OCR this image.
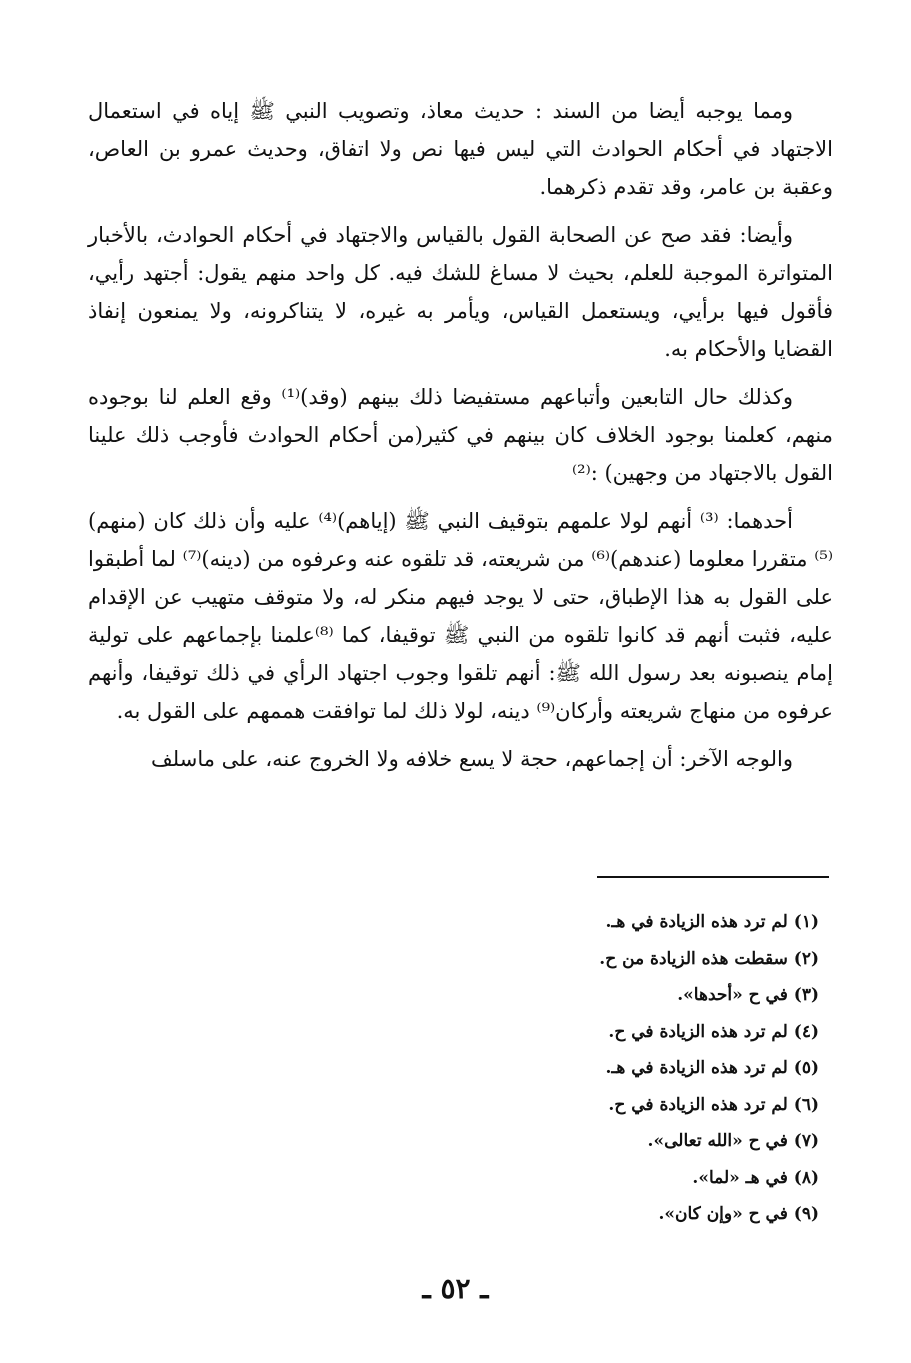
ومما يوجبه أيضا من السند : حديث معاذ، وتصويب النبي ﷺ إياه في استعمال الاجتهاد في أحكام الحوادث التي ليس فيها نص ولا اتفاق، وحديث عمرو بن العاص، وعقبة بن عامر، وقد تقدم ذكرهما.

وأيضا: فقد صح عن الصحابة القول بالقياس والاجتهاد في أحكام الحوادث، بالأخبار المتواترة الموجبة للعلم، بحيث لا مساغ للشك فيه. كل واحد منهم يقول: أجتهد رأيي، فأقول فيها برأيي، ويستعمل القياس، ويأمر به غيره، لا يتناكرونه، ولا يمنعون إنفاذ القضايا والأحكام به.

وكذلك حال التابعين وأتباعهم مستفيضا ذلك بينهم (وقد)⁽¹⁾ وقع العلم لنا بوجوده منهم، كعلمنا بوجود الخلاف كان بينهم في كثير(من أحكام الحوادث فأوجب ذلك علينا القول بالاجتهاد من وجهين) :⁽²⁾

أحدهما: ⁽³⁾ أنهم لولا علمهم بتوقيف النبي ﷺ (إياهم)⁽⁴⁾ عليه وأن ذلك كان (منهم)⁽⁵⁾ متقررا معلوما (عندهم)⁽⁶⁾ من شريعته، قد تلقوه عنه وعرفوه من (دينه)⁽⁷⁾ لما أطبقوا على القول به هذا الإطباق، حتى لا يوجد فيهم منكر له، ولا متوقف متهيب عن الإقدام عليه، فثبت أنهم قد كانوا تلقوه من النبي ﷺ توقيفا، كما ⁽⁸⁾علمنا بإجماعهم على تولية إمام ينصبونه بعد رسول الله ﷺ: أنهم تلقوا وجوب اجتهاد الرأي في ذلك توقيفا، وأنهم عرفوه من منهاج شريعته وأركان⁽⁹⁾ دينه، لولا ذلك لما توافقت هممهم على القول به.

والوجه الآخر: أن إجماعهم، حجة لا يسع خلافه ولا الخروج عنه، على ماسلف

(١) لم ترد هذه الزيادة في هـ.
(٢) سقطت هذه الزيادة من ح.
(٣) في ح «أحدها».
(٤) لم ترد هذه الزيادة في ح.
(٥) لم ترد هذه الزيادة في هـ.
(٦) لم ترد هذه الزيادة في ح.
(٧) في ح «الله تعالى».
(٨) في هـ «لما».
(٩) في ح «وإن كان».
ـ ٥٢ ـ
